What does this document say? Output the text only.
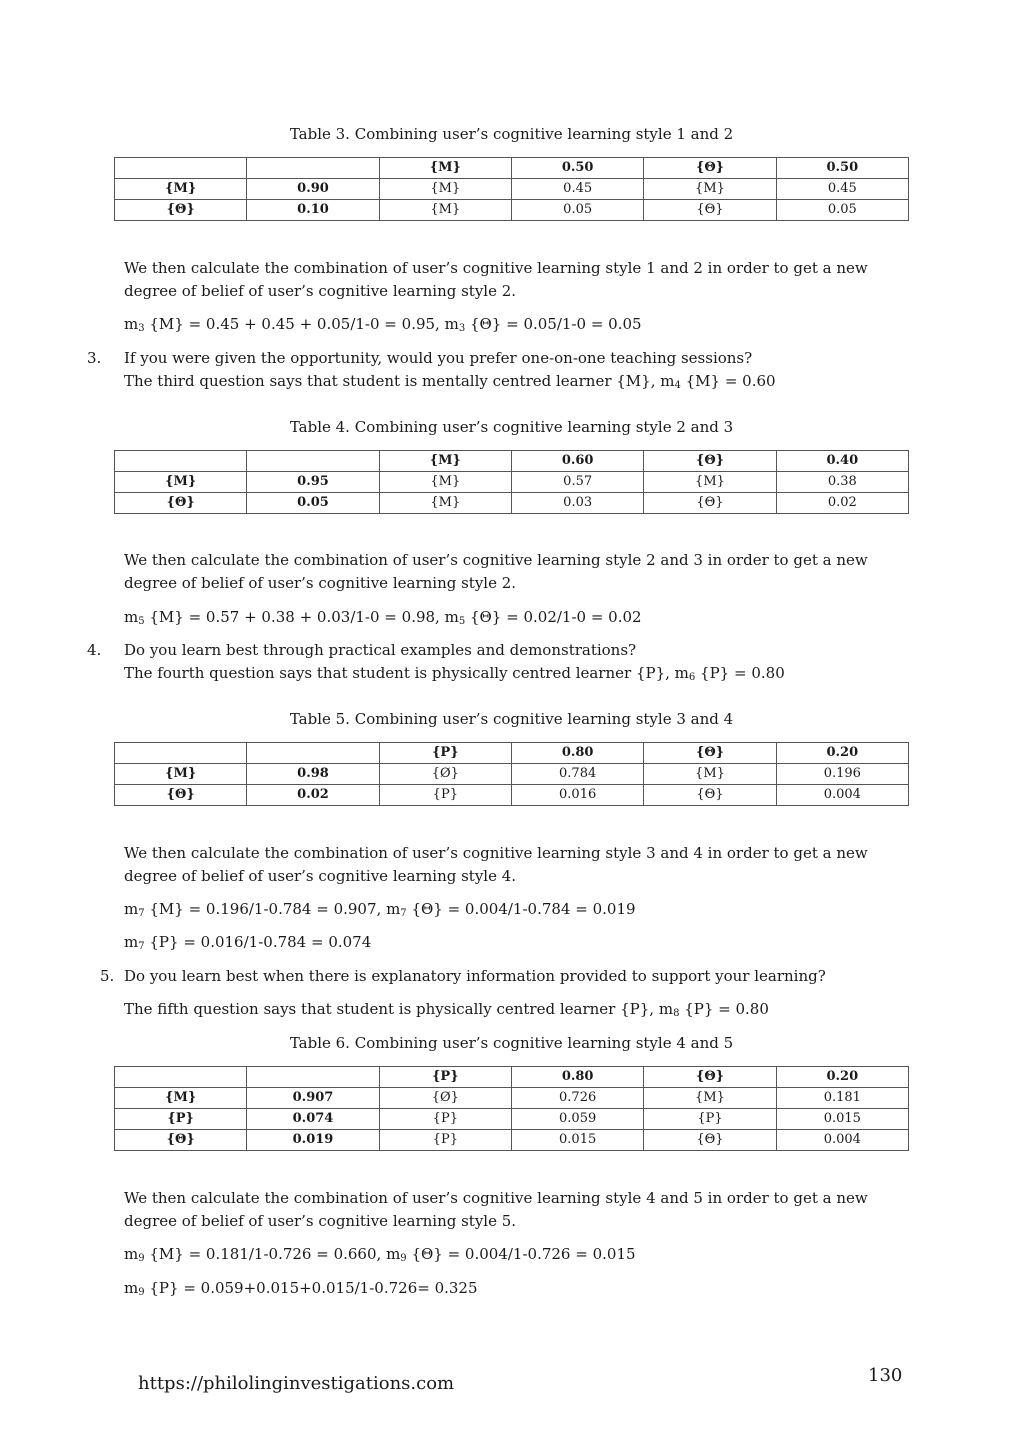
Table 3. Combining user’s cognitive learning style 1 and 2
		{M}	0.50	{Θ}	0.50
{M}	0.90	{M}	0.45	{M}	0.45
{Θ}	0.10	{M}	0.05	{Θ}	0.05
We then calculate the combination of user’s cognitive learning style 1 and 2 in order to get a new degree of belief of user’s cognitive learning style 2.
$m_3$ {M} = 0.45 + 0.45 + 0.05/1-0 = 0.95, $m_3$ {Θ} = 0.05/1-0 = 0.05
3. If you were given the opportunity, would you prefer one-on-one teaching sessions?
The third question says that student is mentally centred learner {M}, $m_4$ {M} = 0.60
Table 4. Combining user’s cognitive learning style 2 and 3
		{M}	0.60	{Θ}	0.40
{M}	0.95	{M}	0.57	{M}	0.38
{Θ}	0.05	{M}	0.03	{Θ}	0.02
We then calculate the combination of user’s cognitive learning style 2 and 3 in order to get a new degree of belief of user’s cognitive learning style 2.
$m_5$ {M} = 0.57 + 0.38 + 0.03/1-0 = 0.98, $m_5$ {Θ} = 0.02/1-0 = 0.02
4. Do you learn best through practical examples and demonstrations?
The fourth question says that student is physically centred learner {P}, $m_6$ {P} = 0.80
Table 5. Combining user’s cognitive learning style 3 and 4
		{P}	0.80	{Θ}	0.20
{M}	0.98	{Ø}	0.784	{M}	0.196
{Θ}	0.02	{P}	0.016	{Θ}	0.004
We then calculate the combination of user’s cognitive learning style 3 and 4 in order to get a new degree of belief of user’s cognitive learning style 4.
$m_7$ {M} = 0.196/1-0.784 = 0.907, $m_7$ {Θ} = 0.004/1-0.784 = 0.019
$m_7$ {P} = 0.016/1-0.784 = 0.074
5. Do you learn best when there is explanatory information provided to support your learning?
The fifth question says that student is physically centred learner {P}, $m_8$ {P} = 0.80
Table 6. Combining user’s cognitive learning style 4 and 5
		{P}	0.80	{Θ}	0.20
{M}	0.907	{Ø}	0.726	{M}	0.181
{P}	0.074	{P}	0.059	{P}	0.015
{Θ}	0.019	{P}	0.015	{Θ}	0.004
We then calculate the combination of user’s cognitive learning style 4 and 5 in order to get a new degree of belief of user’s cognitive learning style 5.
$m_9$ {M} = 0.181/1-0.726 = 0.660, $m_9$ {Θ} = 0.004/1-0.726 = 0.015
$m_9$ {P} = 0.059+0.015+0.015/1-0.726= 0.325
https://philolinginvestigations.com	130
